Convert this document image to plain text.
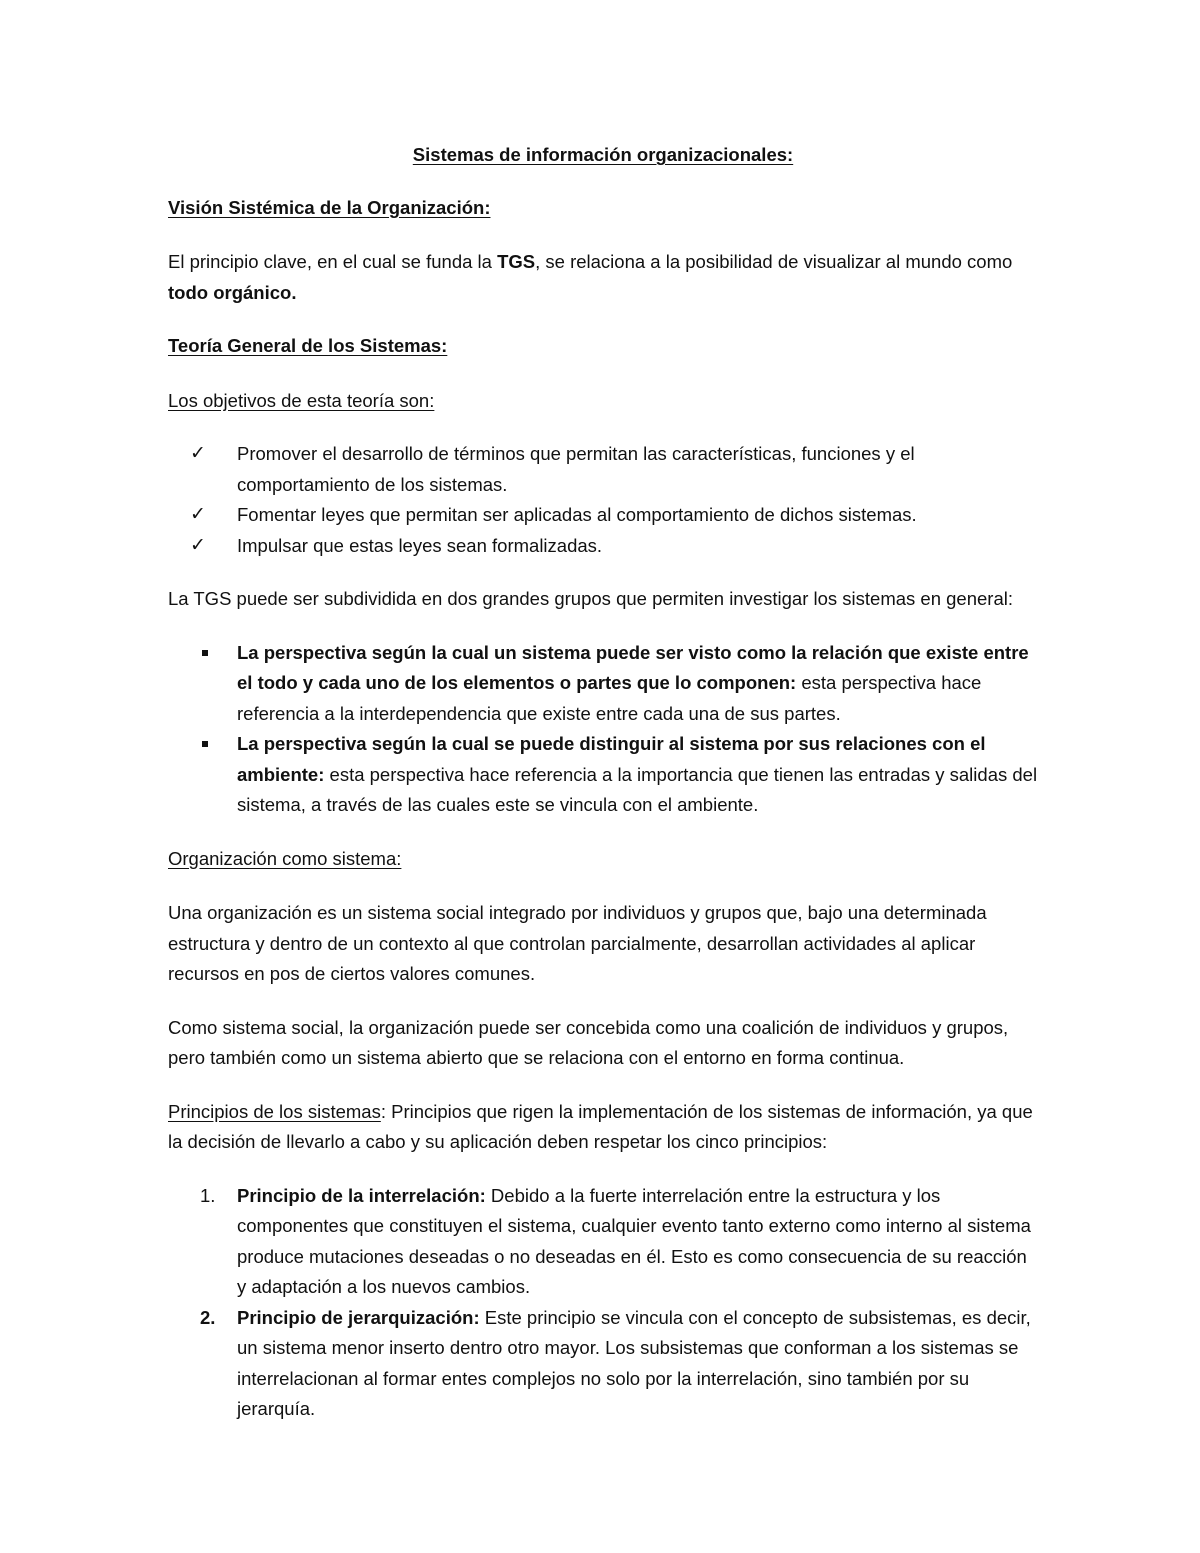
Sistemas de información organizacionales:

Visión Sistémica de la Organización:

El principio clave, en el cual se funda la TGS, se relaciona a la posibilidad de visualizar al mundo como todo orgánico.

Teoría General de los Sistemas:

Los objetivos de esta teoría son:

✓	Promover el desarrollo de términos que permitan las características, funciones y el comportamiento de los sistemas.
✓	Fomentar leyes que permitan ser aplicadas al comportamiento de dichos sistemas.
✓	Impulsar que estas leyes sean formalizadas.

La TGS puede ser subdividida en dos grandes grupos que permiten investigar los sistemas en general:

La perspectiva según la cual un sistema puede ser visto como la relación que existe entre el todo y cada uno de los elementos o partes que lo componen: esta perspectiva hace referencia a la interdependencia que existe entre cada una de sus partes.
La perspectiva según la cual se puede distinguir al sistema por sus relaciones con el ambiente: esta perspectiva hace referencia a la importancia que tienen las entradas y salidas del sistema, a través de las cuales este se vincula con el ambiente.

Organización como sistema:

Una organización es un sistema social integrado por individuos y grupos que, bajo una determinada estructura y dentro de un contexto al que controlan parcialmente, desarrollan actividades al aplicar recursos en pos de ciertos valores comunes.

Como sistema social, la organización puede ser concebida como una coalición de individuos y grupos, pero también como un sistema abierto que se relaciona con el entorno en forma continua.

Principios de los sistemas: Principios que rigen la implementación de los sistemas de información, ya que la decisión de llevarlo a cabo y su aplicación deben respetar los cinco principios:

1. Principio de la interrelación: Debido a la fuerte interrelación entre la estructura y los componentes que constituyen el sistema, cualquier evento tanto externo como interno al sistema produce mutaciones deseadas o no deseadas en él. Esto es como consecuencia de su reacción y adaptación a los nuevos cambios.
2. Principio de jerarquización: Este principio se vincula con el concepto de subsistemas, es decir, un sistema menor inserto dentro otro mayor. Los subsistemas que conforman a los sistemas se interrelacionan al formar entes complejos no solo por la interrelación, sino también por su jerarquía.
